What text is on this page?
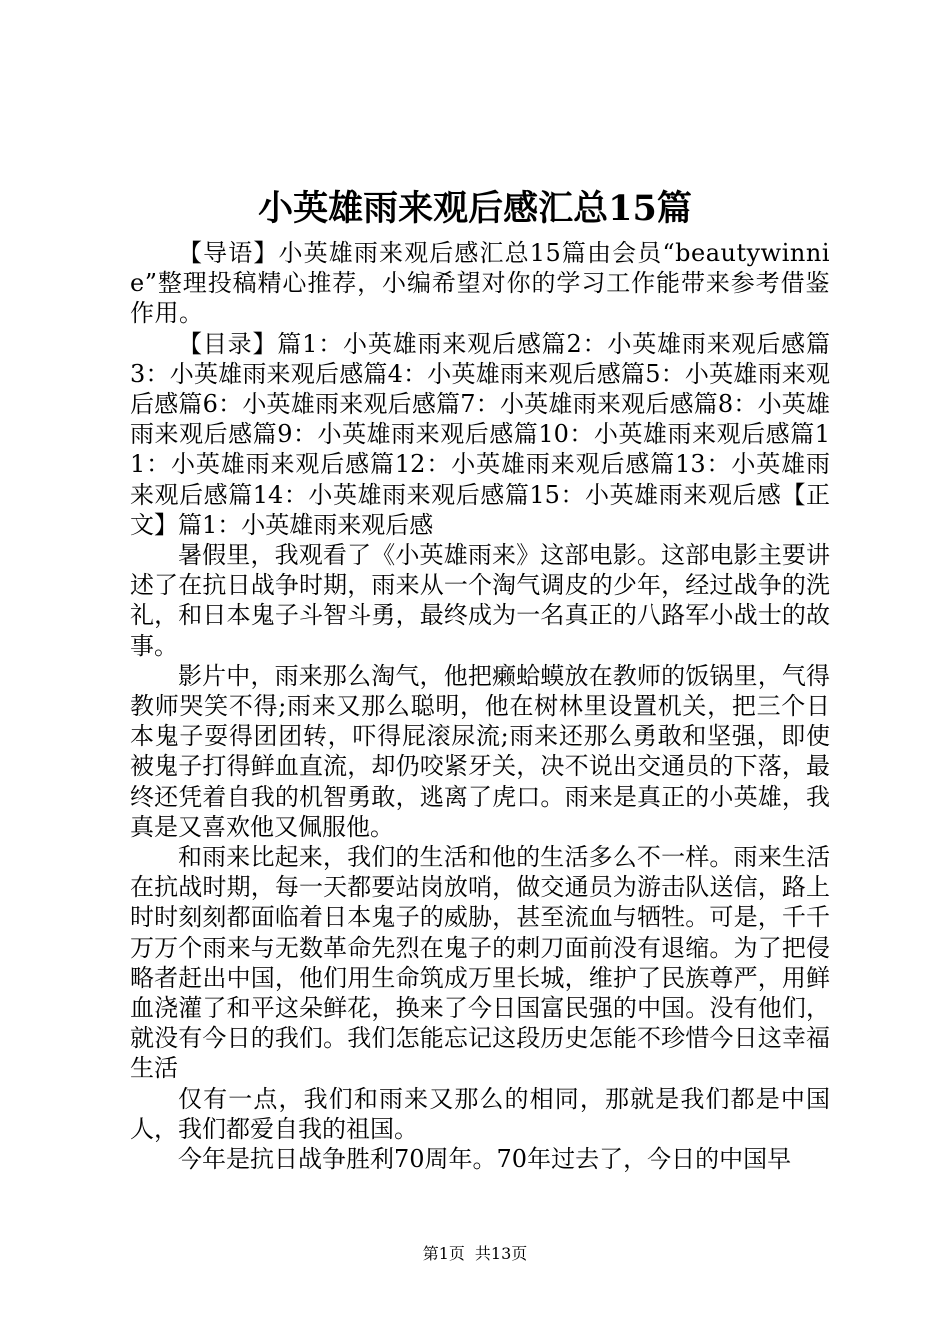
小英雄雨来观后感汇总15篇

【导语】小英雄雨来观后感汇总15篇由会员“beautywinnie”整理投稿精心推荐，小编希望对你的学习工作能带来参考借鉴作用。

【目录】篇1：小英雄雨来观后感篇2：小英雄雨来观后感篇3：小英雄雨来观后感篇4：小英雄雨来观后感篇5：小英雄雨来观后感篇6：小英雄雨来观后感篇7：小英雄雨来观后感篇8：小英雄雨来观后感篇9：小英雄雨来观后感篇10：小英雄雨来观后感篇11：小英雄雨来观后感篇12：小英雄雨来观后感篇13：小英雄雨来观后感篇14：小英雄雨来观后感篇15：小英雄雨来观后感【正文】篇1：小英雄雨来观后感

暑假里，我观看了《小英雄雨来》这部电影。这部电影主要讲述了在抗日战争时期，雨来从一个淘气调皮的少年，经过战争的洗礼，和日本鬼子斗智斗勇，最终成为一名真正的八路军小战士的故事。

影片中，雨来那么淘气，他把癞蛤蟆放在教师的饭锅里，气得教师哭笑不得;雨来又那么聪明，他在树林里设置机关，把三个日本鬼子耍得团团转，吓得屁滚尿流;雨来还那么勇敢和坚强，即使被鬼子打得鲜血直流，却仍咬紧牙关，决不说出交通员的下落，最终还凭着自我的机智勇敢，逃离了虎口。雨来是真正的小英雄，我真是又喜欢他又佩服他。

和雨来比起来，我们的生活和他的生活多么不一样。雨来生活在抗战时期，每一天都要站岗放哨，做交通员为游击队送信，路上时时刻刻都面临着日本鬼子的威胁，甚至流血与牺牲。可是，千千万万个雨来与无数革命先烈在鬼子的刺刀面前没有退缩。为了把侵略者赶出中国，他们用生命筑成万里长城，维护了民族尊严，用鲜血浇灌了和平这朵鲜花，换来了今日国富民强的中国。没有他们，就没有今日的我们。我们怎能忘记这段历史怎能不珍惜今日这幸福生活

仅有一点，我们和雨来又那么的相同，那就是我们都是中国人，我们都爱自我的祖国。

今年是抗日战争胜利70周年。70年过去了，今日的中国早

第1页 共13页
